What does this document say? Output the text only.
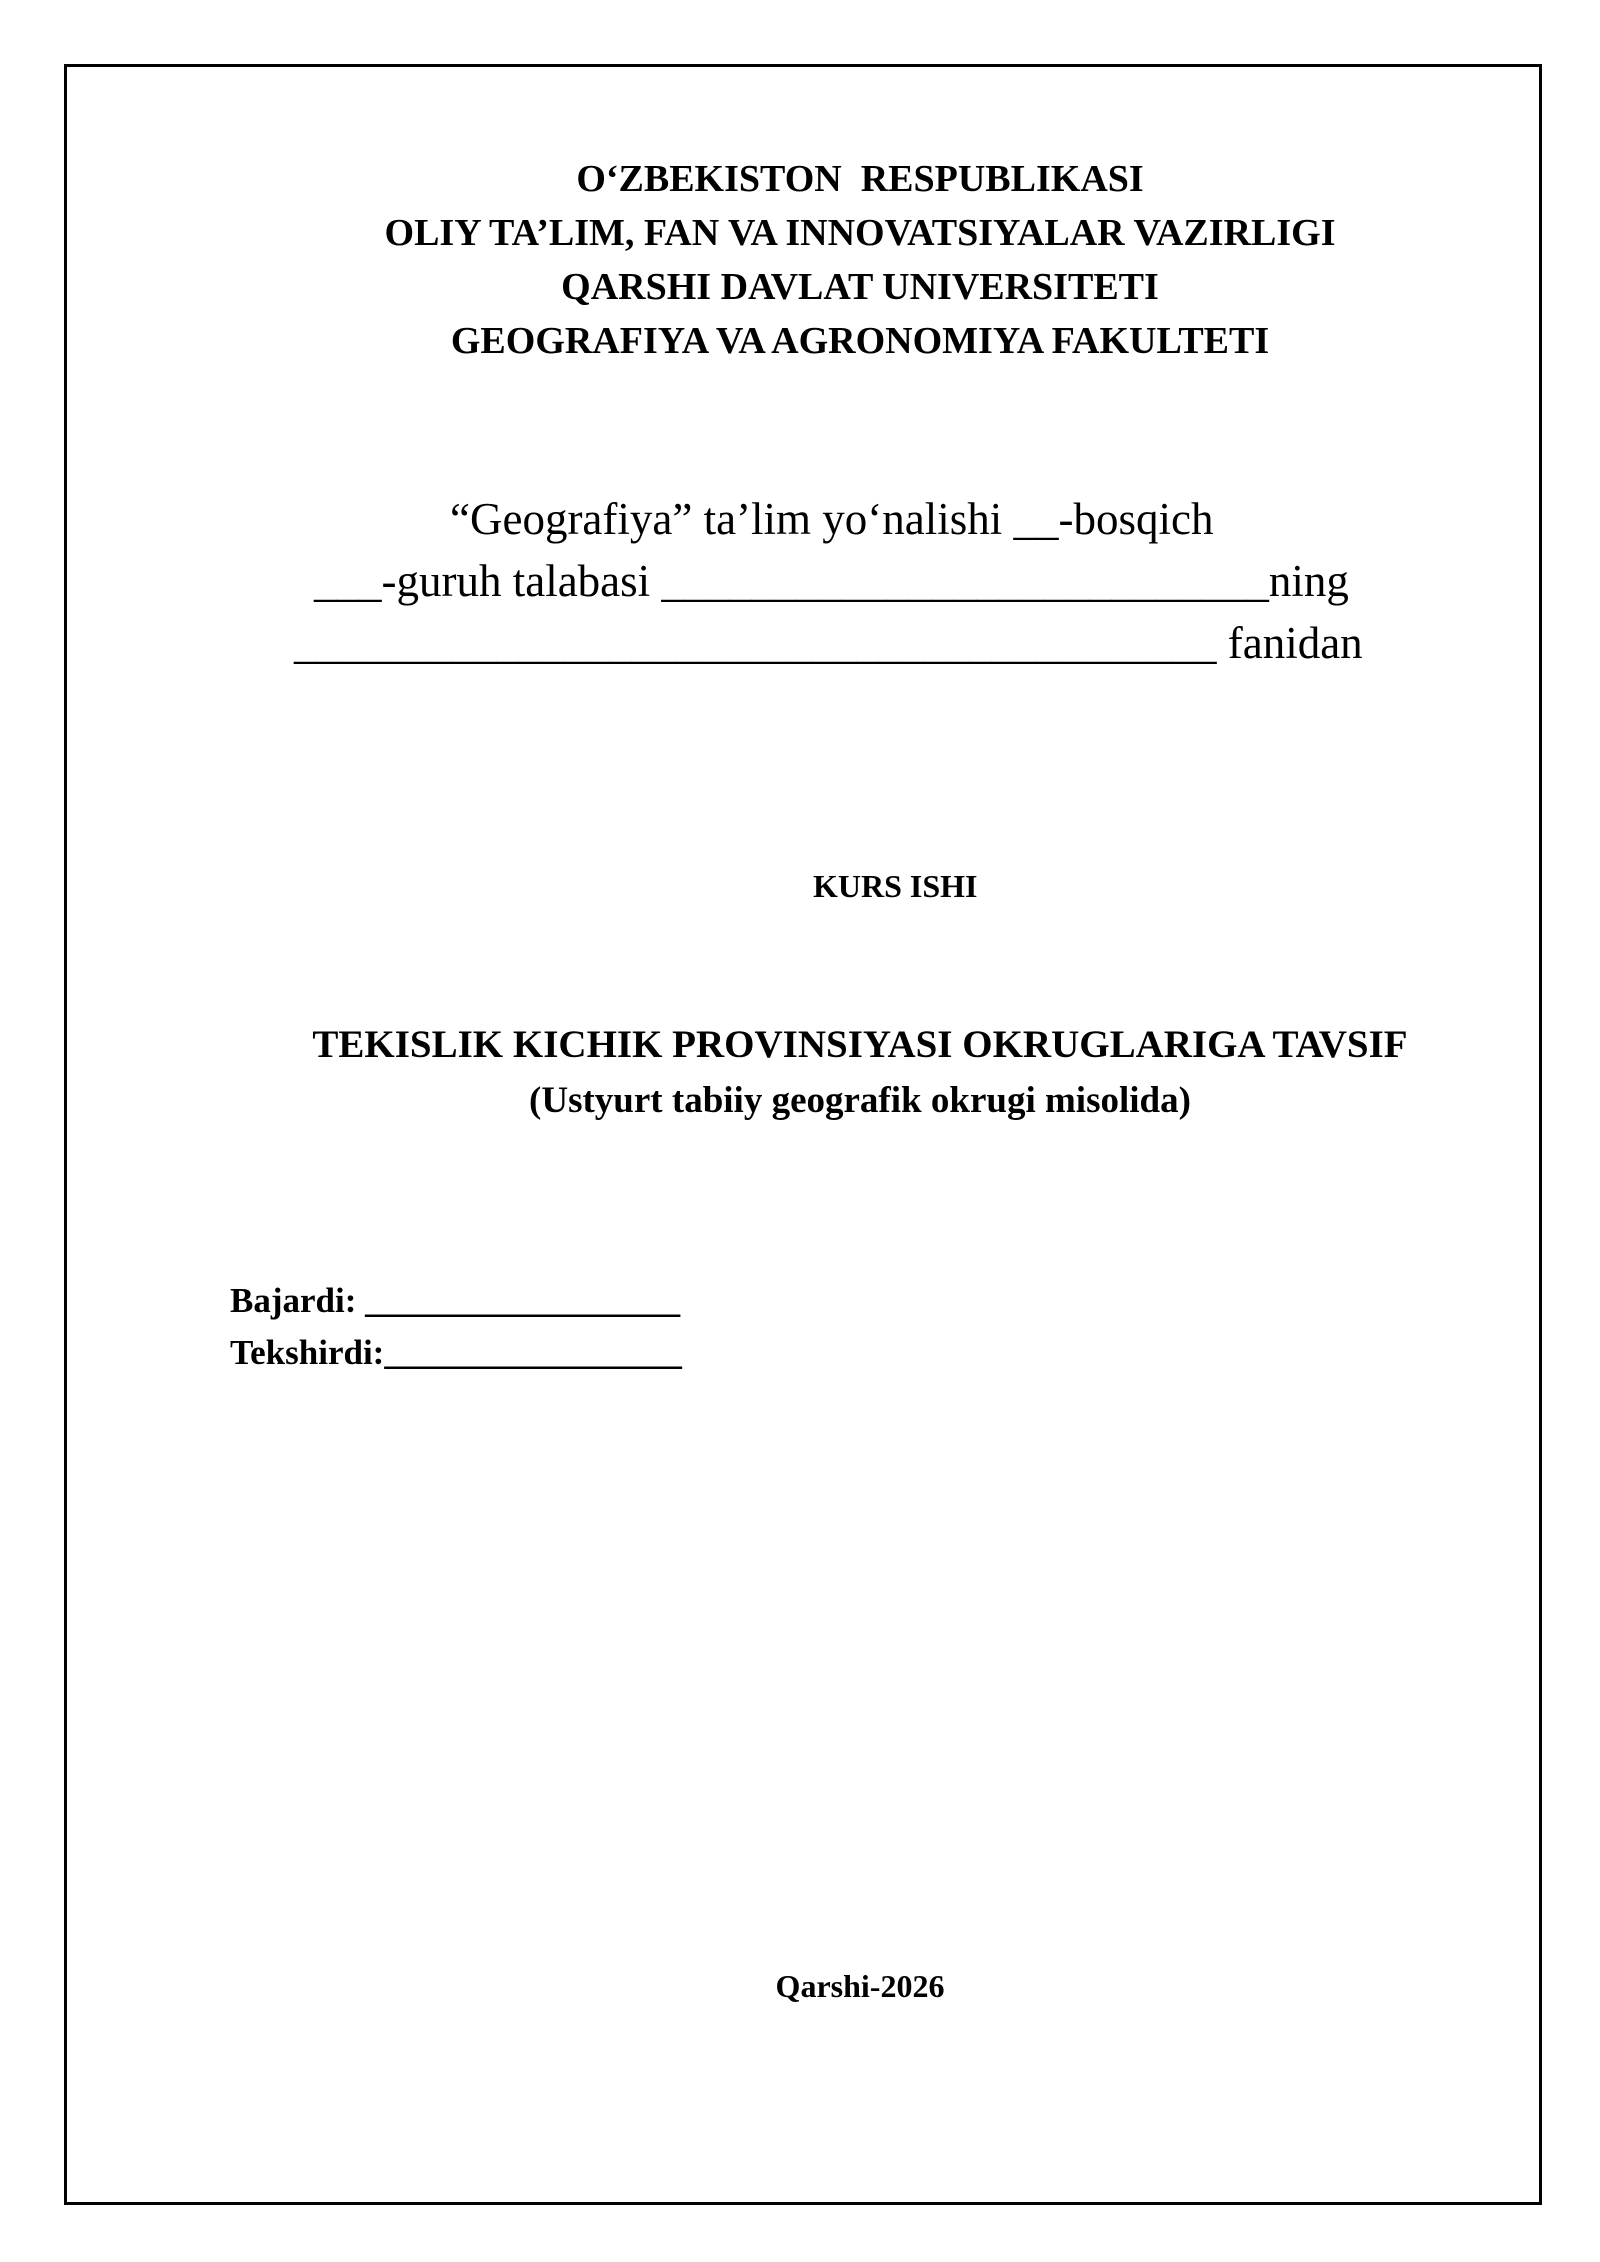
O‘ZBEKISTON  RESPUBLIKASI
OLIY TA’LIM, FAN VA INNOVATSIYALAR VAZIRLIGI
QARSHI DAVLAT UNIVERSITETI
GEOGRAFIYA VA AGRONOMIYA FAKULTETI
“Geografiya” ta’lim yo‘nalishi __-bosqich
___-guruh talabasi ___________________________ning
_________________________________________ fanidan
KURS ISHI
TEKISLIK KICHIK PROVINSIYASI OKRUGLARIGA TAVSIF
(Ustyurt tabiiy geografik okrugi misolida)
Bajardi: __________________
Tekshirdi:_________________
Qarshi-2026
